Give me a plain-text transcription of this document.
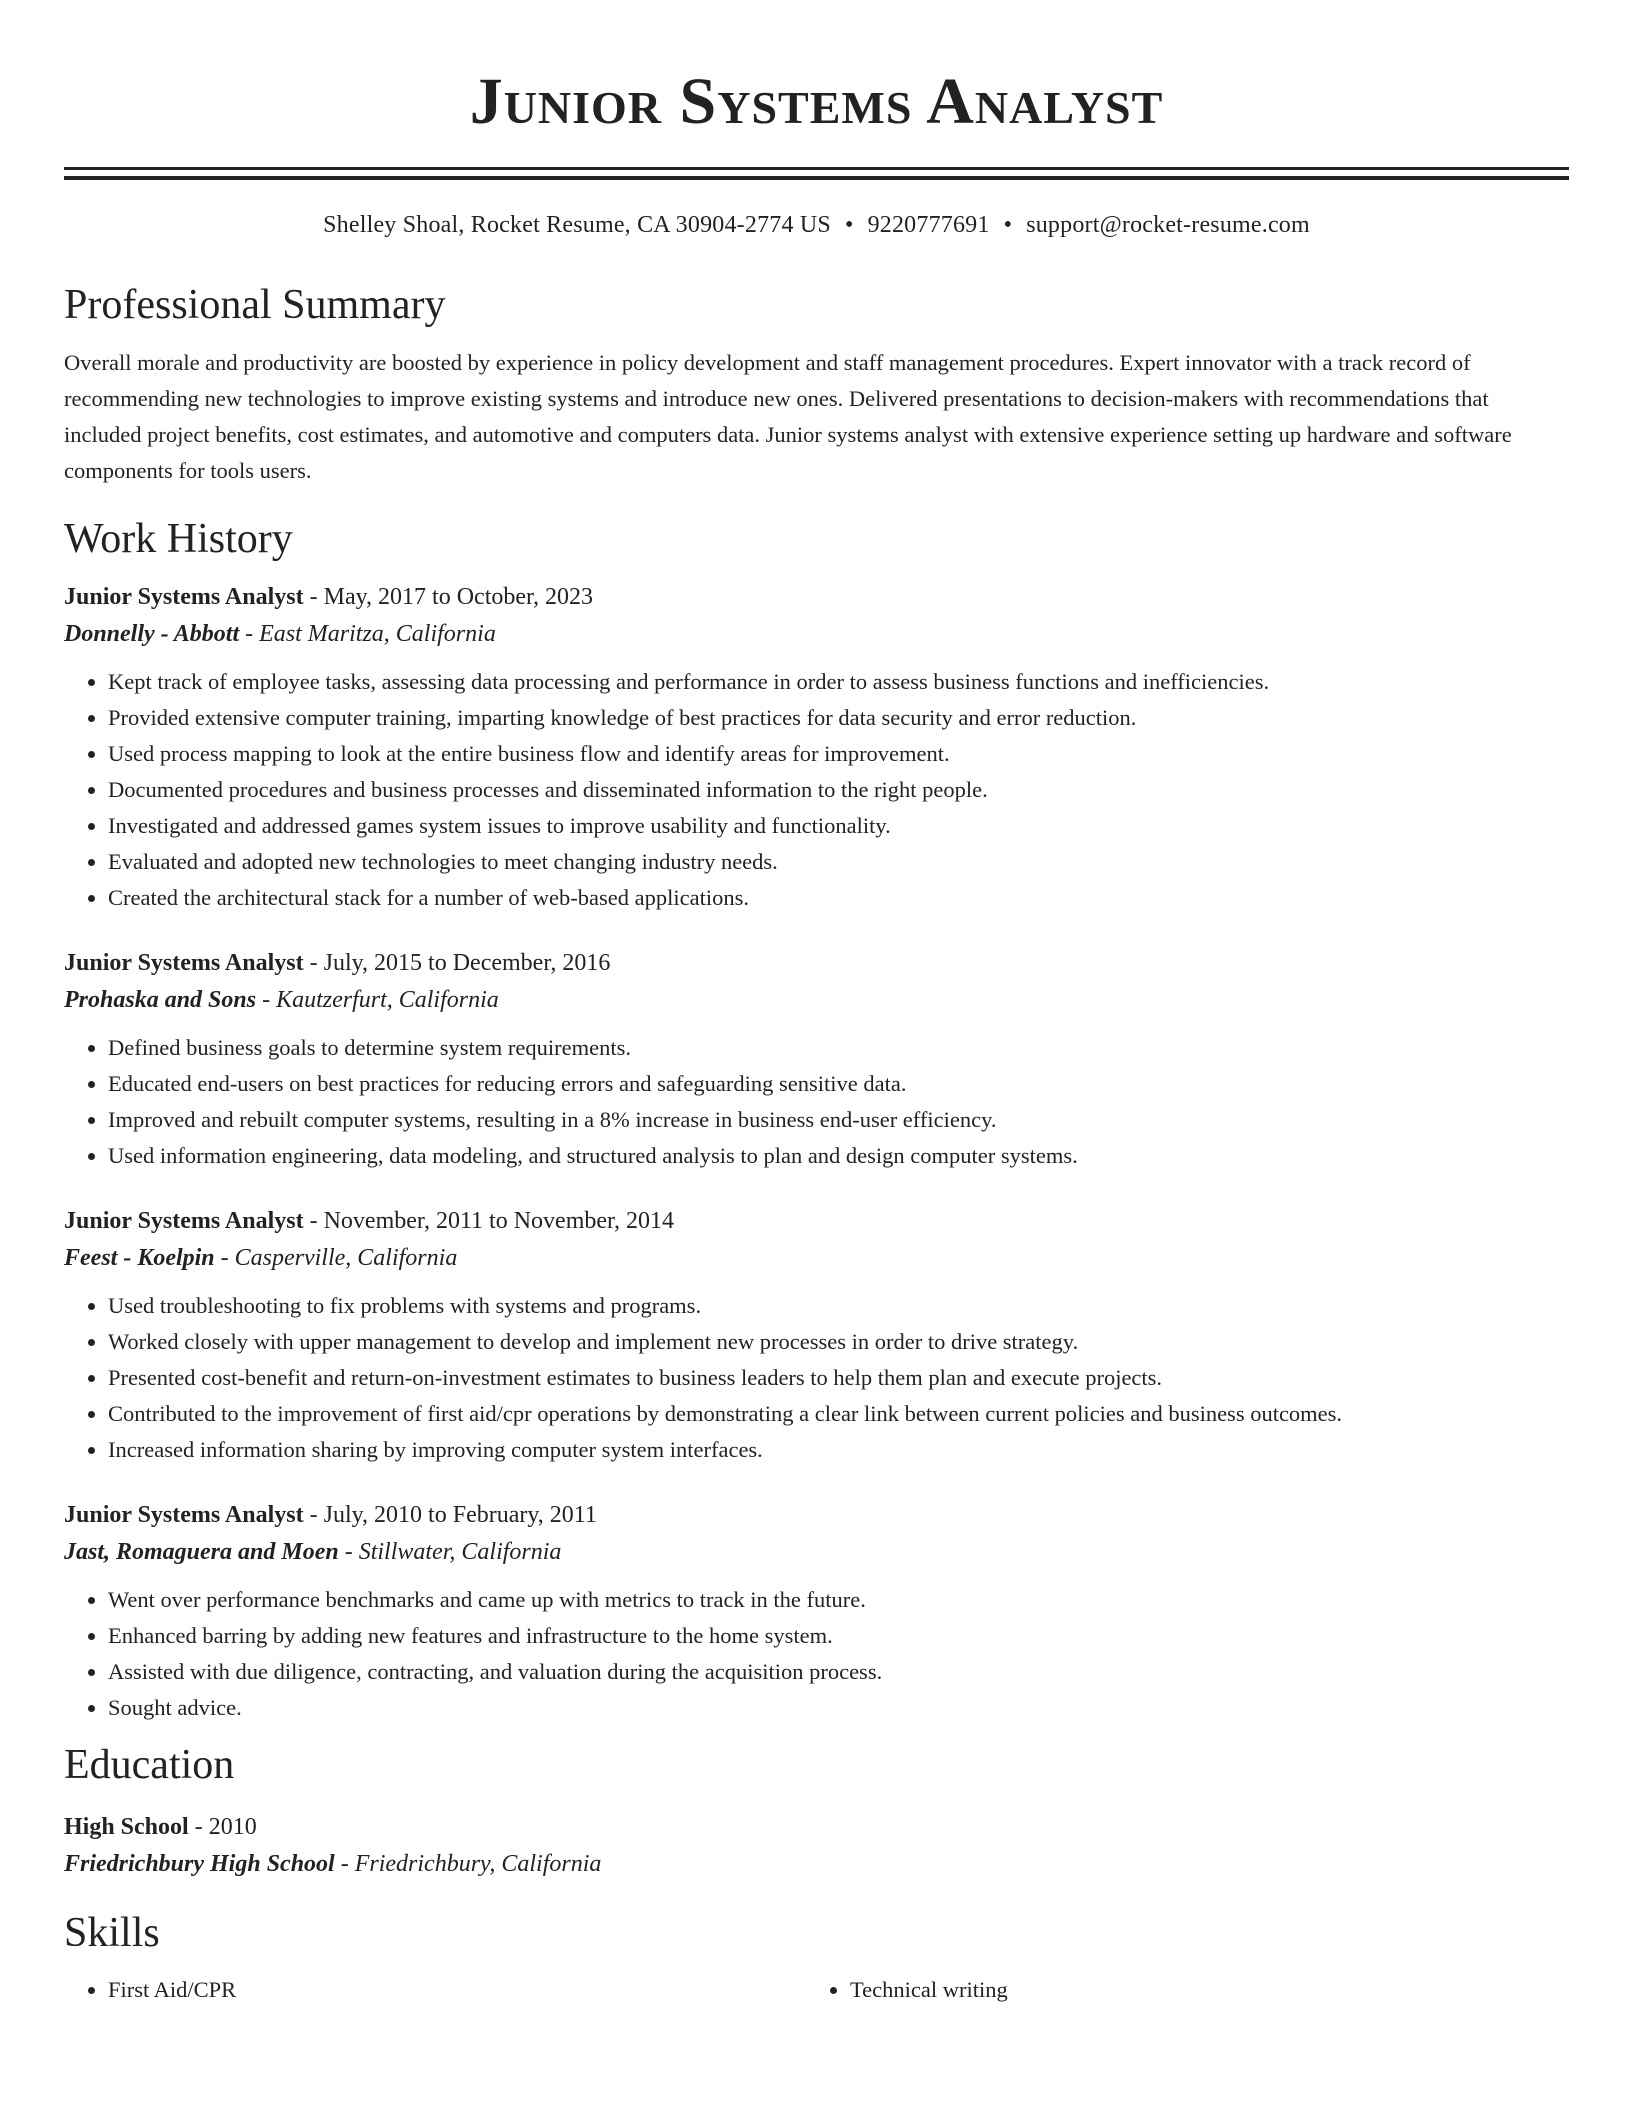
Junior Systems Analyst
Shelley Shoal, Rocket Resume, CA 30904-2774 US • 9220777691 • support@rocket-resume.com
Professional Summary
Overall morale and productivity are boosted by experience in policy development and staff management procedures. Expert innovator with a track record of recommending new technologies to improve existing systems and introduce new ones. Delivered presentations to decision-makers with recommendations that included project benefits, cost estimates, and automotive and computers data. Junior systems analyst with extensive experience setting up hardware and software components for tools users.
Work History
Junior Systems Analyst - May, 2017 to October, 2023
Donnelly - Abbott - East Maritza, California
• Kept track of employee tasks, assessing data processing and performance in order to assess business functions and inefficiencies.
• Provided extensive computer training, imparting knowledge of best practices for data security and error reduction.
• Used process mapping to look at the entire business flow and identify areas for improvement.
• Documented procedures and business processes and disseminated information to the right people.
• Investigated and addressed games system issues to improve usability and functionality.
• Evaluated and adopted new technologies to meet changing industry needs.
• Created the architectural stack for a number of web-based applications.
Junior Systems Analyst - July, 2015 to December, 2016
Prohaska and Sons - Kautzerfurt, California
• Defined business goals to determine system requirements.
• Educated end-users on best practices for reducing errors and safeguarding sensitive data.
• Improved and rebuilt computer systems, resulting in a 8% increase in business end-user efficiency.
• Used information engineering, data modeling, and structured analysis to plan and design computer systems.
Junior Systems Analyst - November, 2011 to November, 2014
Feest - Koelpin - Casperville, California
• Used troubleshooting to fix problems with systems and programs.
• Worked closely with upper management to develop and implement new processes in order to drive strategy.
• Presented cost-benefit and return-on-investment estimates to business leaders to help them plan and execute projects.
• Contributed to the improvement of first aid/cpr operations by demonstrating a clear link between current policies and business outcomes.
• Increased information sharing by improving computer system interfaces.
Junior Systems Analyst - July, 2010 to February, 2011
Jast, Romaguera and Moen - Stillwater, California
• Went over performance benchmarks and came up with metrics to track in the future.
• Enhanced barring by adding new features and infrastructure to the home system.
• Assisted with due diligence, contracting, and valuation during the acquisition process.
• Sought advice.
Education
High School - 2010
Friedrichbury High School - Friedrichbury, California
Skills
• First Aid/CPR
•	Technical writing
